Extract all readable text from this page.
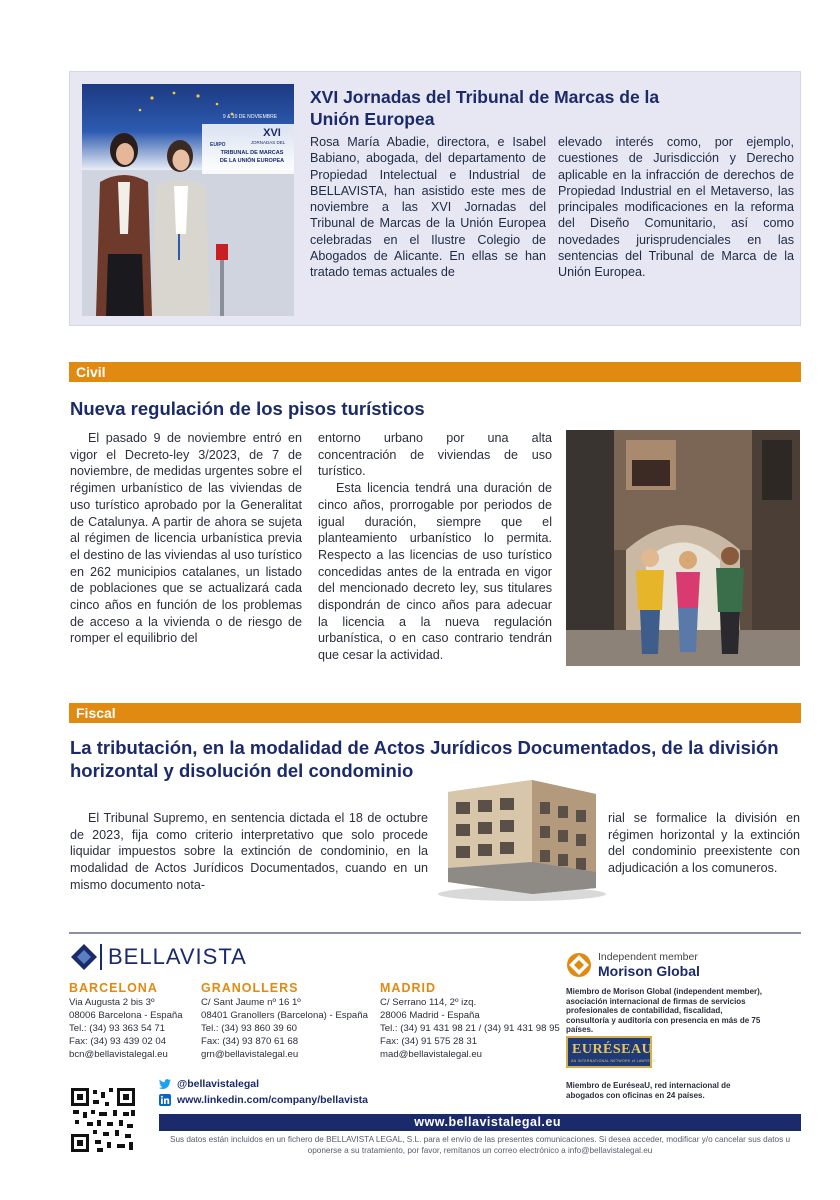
9 & 10 DE NOVIEMBRE
XVI
JORNADAS DEL
TRIBUNAL DE MARCAS
DE LA UNIÓN EUROPEA
EUIPO
XVI Jornadas del Tribunal de Marcas de la Unión Europea

Rosa María Abadie, directora, e Isabel Babiano, abogada, del departamento de Propiedad Intelectual e Industrial de BELLAVISTA, han asistido este mes de noviembre a las XVI Jornadas del Tribunal de Marcas de la Unión Europea celebradas en el Ilustre Colegio de Abogados de Alicante. En ellas se han tratado temas actuales de

elevado interés como, por ejemplo, cuestiones de Jurisdicción y Derecho aplicable en la infracción de derechos de Propiedad Industrial en el Metaverso, las principales modificaciones en la reforma del Diseño Comunitario, así como novedades jurisprudenciales en las sentencias del Tribunal de Marca de la Unión Europea.

Civil
Nueva regulación de los pisos turísticos

El pasado 9 de noviembre entró en vigor el Decreto-ley 3/2023, de 7 de noviembre, de medidas urgentes sobre el régimen urbanístico de las viviendas de uso turístico aprobado por la Generalitat de Catalunya. A partir de ahora se sujeta al régimen de licencia urbanística previa el destino de las viviendas al uso turístico en 262 municipios catalanes, un listado de poblaciones que se actualizará cada cinco años en función de los problemas de acceso a la vivienda o de riesgo de romper el equilibrio del

entorno urbano por una alta concentración de viviendas de uso turístico.

Esta licencia tendrá una duración de cinco años, prorrogable por periodos de igual duración, siempre que el planteamiento urbanístico lo permita. Respecto a las licencias de uso turístico concedidas antes de la entrada en vigor del mencionado decreto ley, sus titulares dispondrán de cinco años para adecuar la licencia a la nueva regulación urbanística, o en caso contrario tendrán que cesar la actividad.

Fiscal
La tributación, en la modalidad de Actos Jurídicos Documentados, de la división horizontal y disolución del condominio

El Tribunal Supremo, en sentencia dictada el 18 de octubre de 2023, fija como criterio interpretativo que solo procede liquidar impuestos sobre la extinción de condominio, en la modalidad de Actos Jurídicos Documentados, cuando en un mismo documento nota-

rial se formalice la división en régimen horizontal y la extinción del condominio preexistente con adjudicación a los comuneros.

BELLAVISTA
BARCELONA
Via Augusta 2 bis 3º
08006 Barcelona - España
Tel.: (34) 93 363 54 71
Fax: (34) 93 439 02 04
bcn@bellavistalegal.eu
GRANOLLERS
C/ Sant Jaume nº 16 1º
08401 Granollers (Barcelona) - España
Tel.: (34) 93 860 39 60
Fax: (34) 93 870 61 68
grn@bellavistalegal.eu
MADRID
C/ Serrano 114, 2º izq.
28006 Madrid - España
Tel.: (34) 91 431 98 21 / (34) 91 431 98 95
Fax: (34) 91 575 28 31
mad@bellavistalegal.eu
Independent member
Morison Global
Miembro de Morison Global (independent member), asociación internacional de firmas de servicios profesionales de contabilidad, fiscalidad, consultoría y auditoría con presencia en más de 75 países.
EURÉSEAU
AN INTERNATIONAL NETWORK of LAWYERS
Miembro de EuréseaU, red internacional de abogados con oficinas en 24 países.
@bellavistalegal
www.linkedin.com/company/bellavista
www.bellavistalegal.eu

Sus datos están incluidos en un fichero de BELLAVISTA LEGAL, S.L. para el envío de las presentes comunicaciones. Si desea acceder, modificar y/o cancelar sus datos u oponerse a su tratamiento, por favor, remítanos un correo electrónico a info@bellavistalegal.eu
